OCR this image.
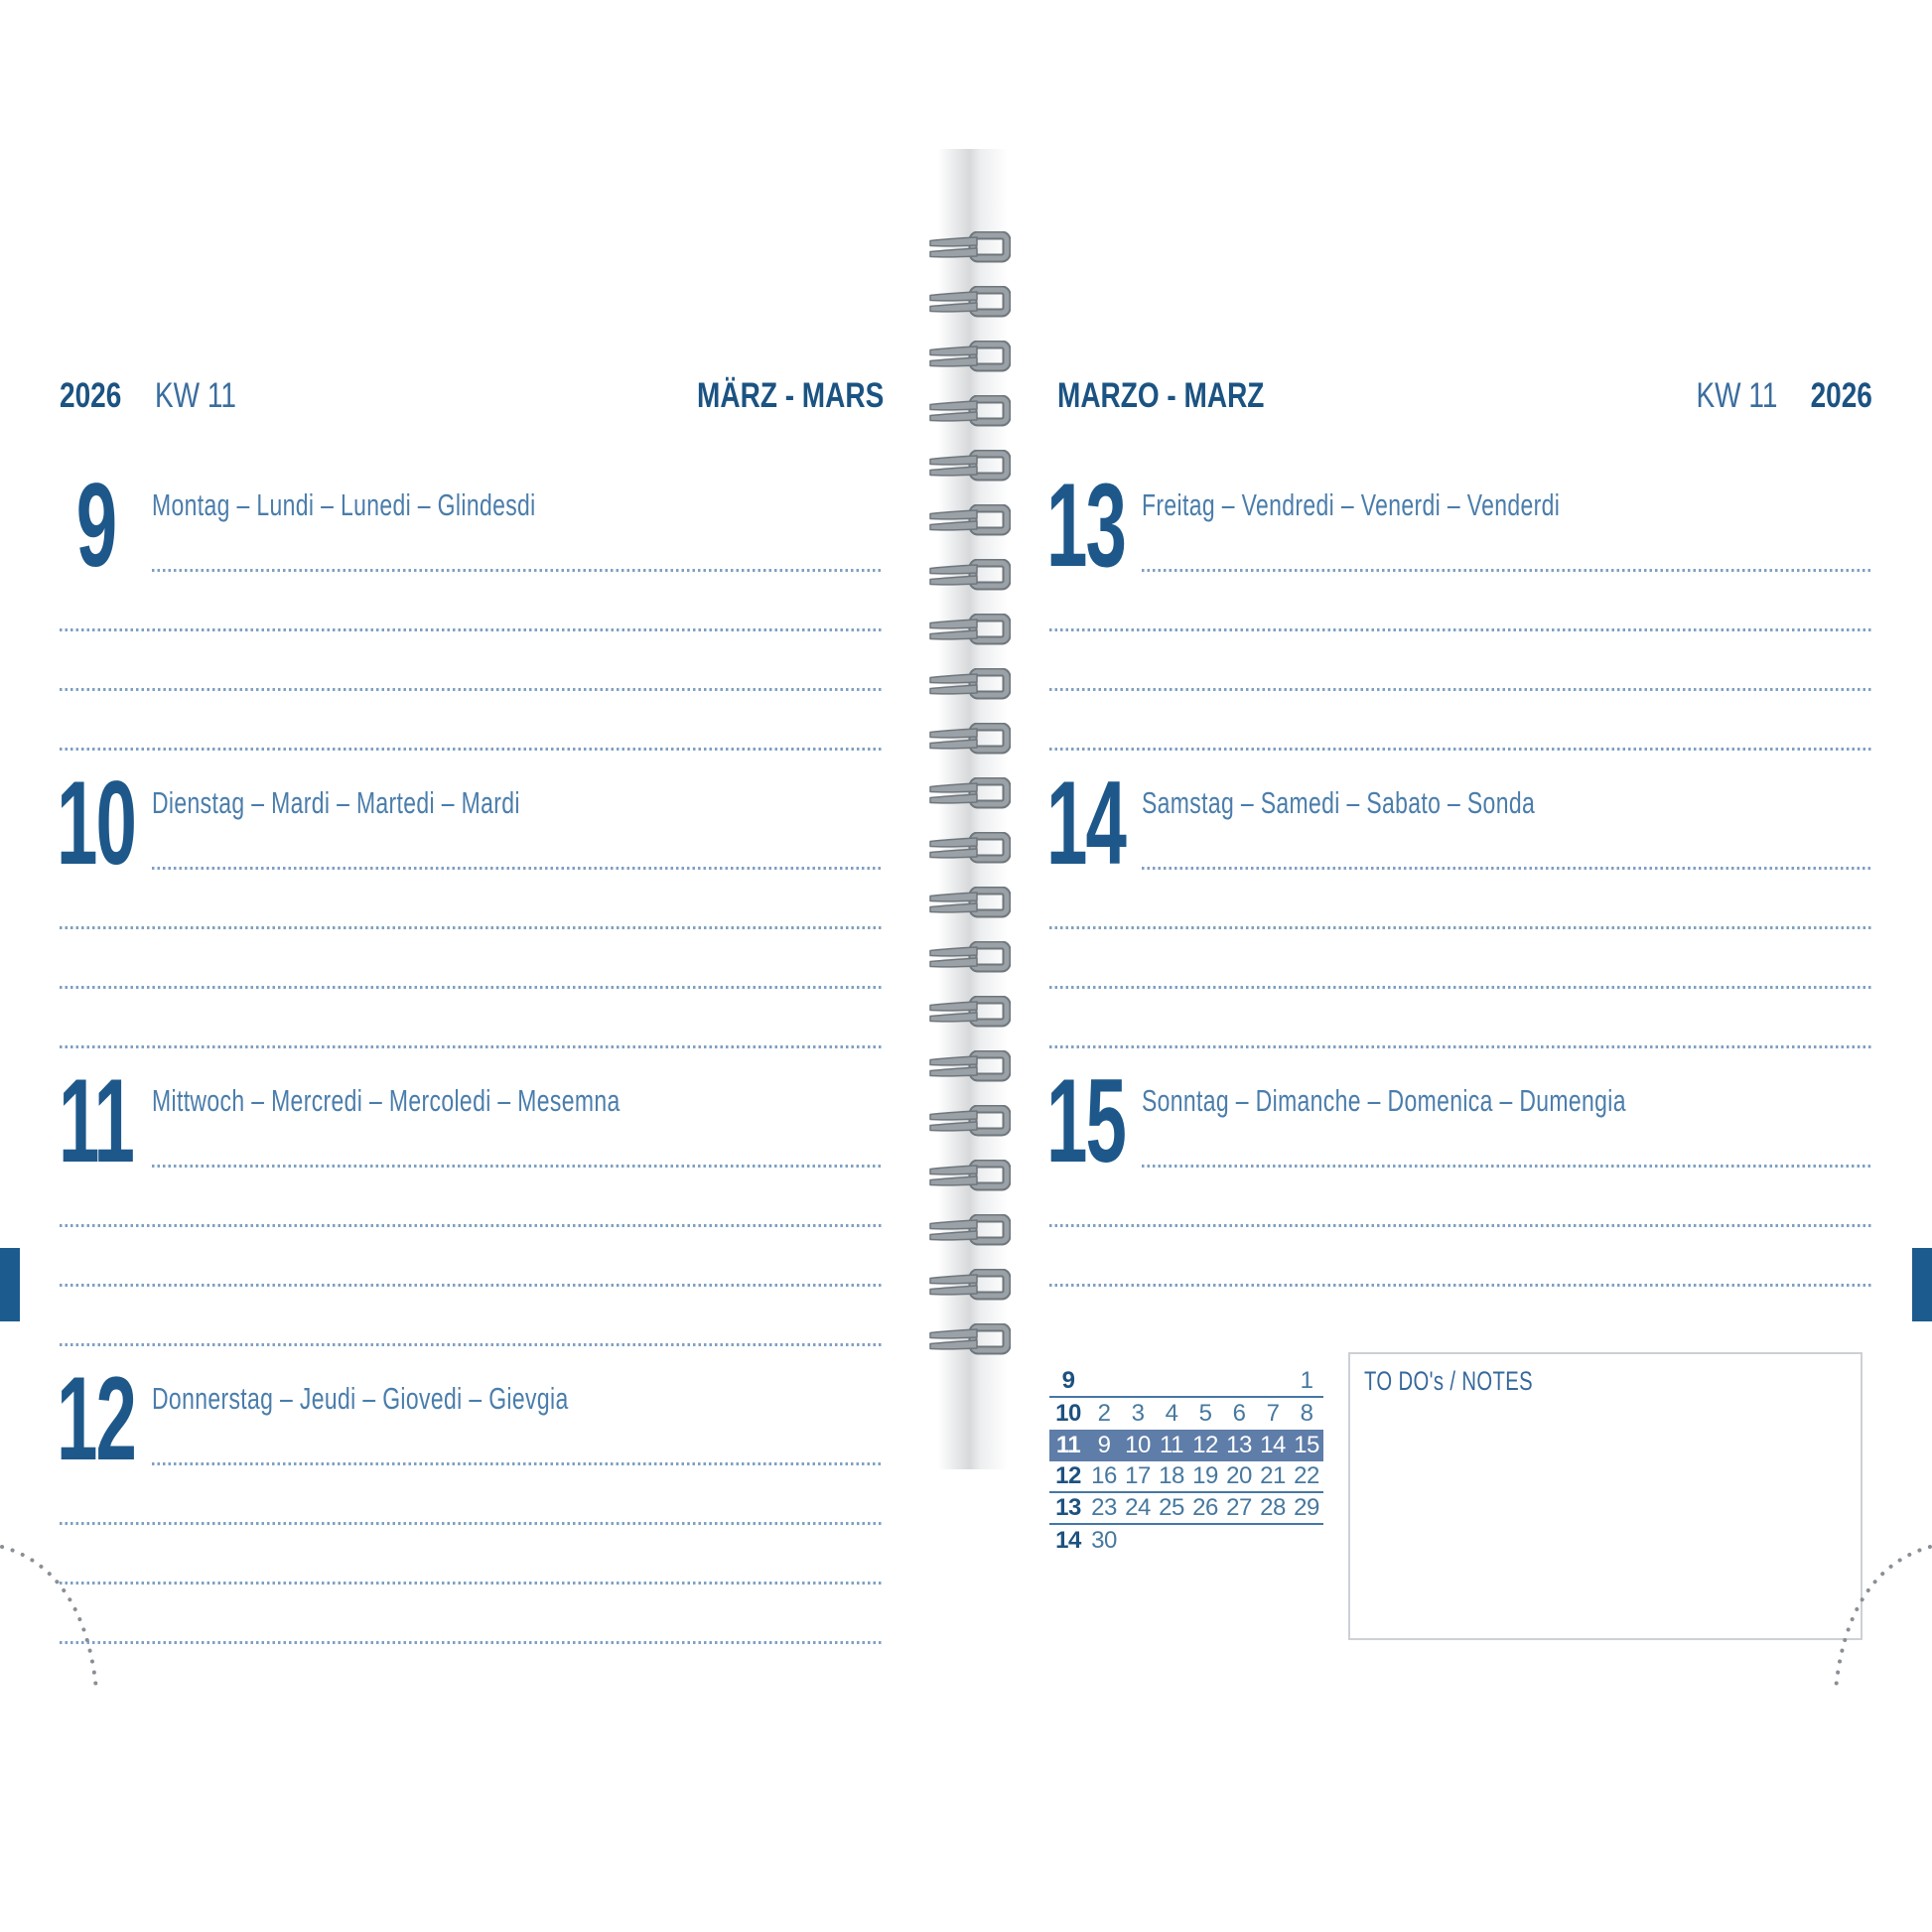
2026 KW 11	MÄRZ - MARS
9	Montag – Lundi – Lunedi – Glindesdi
10 Dienstag – Mardi – Martedi – Mardi
11 Mittwoch – Mercredi – Mercoledi – Mesemna
12 Donnerstag – Jeudi – Giovedi – Gievgia
MARZO - MARZ	KW 11 2026
13 Freitag – Vendredi – Venerdi – Venderdi
14 Samstag – Samedi – Sabato – Sonda
15 Sonntag – Dimanche – Domenica – Dumengia
9	1
10 2 3 4 5 6 7 8
11 9 10 11 12 13 14 15
12 16 17 18 19 20 21 22
13 23 24 25 26 27 28 29
14 30
TO DO's / NOTES
